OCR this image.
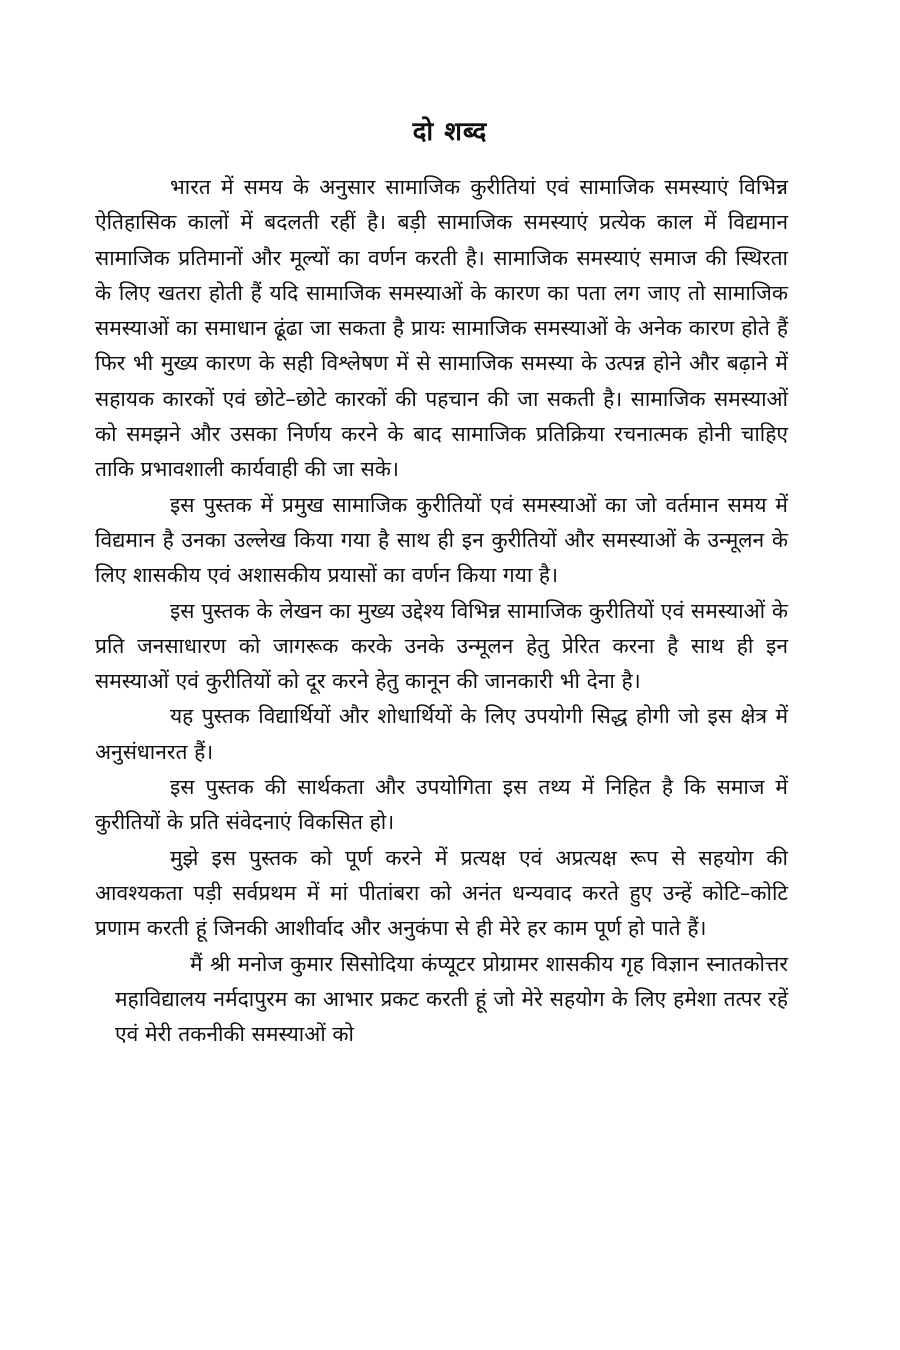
दो शब्द

भारत में समय के अनुसार सामाजिक कुरीतियां एवं सामाजिक समस्याएं विभिन्न ऐतिहासिक कालों में बदलती रहीं है। बड़ी सामाजिक समस्याएं प्रत्येक काल में विद्यमान सामाजिक प्रतिमानों और मूल्यों का वर्णन करती है। सामाजिक समस्याएं समाज की स्थिरता के लिए खतरा होती हैं यदि सामाजिक समस्याओं के कारण का पता लग जाए तो सामाजिक समस्याओं का समाधान ढूंढा जा सकता है प्रायः सामाजिक समस्याओं के अनेक कारण होते हैं फिर भी मुख्य कारण के सही विश्लेषण में से सामाजिक समस्या के उत्पन्न होने और बढ़ाने में सहायक कारकों एवं छोटे–छोटे कारकों की पहचान की जा सकती है। सामाजिक समस्याओं को समझने और उसका निर्णय करने के बाद सामाजिक प्रतिक्रिया रचनात्मक होनी चाहिए ताकि प्रभावशाली कार्यवाही की जा सके।

इस पुस्तक में प्रमुख सामाजिक कुरीतियों एवं समस्याओं का जो वर्तमान समय में विद्यमान है उनका उल्लेख किया गया है साथ ही इन कुरीतियों और समस्याओं के उन्मूलन के लिए शासकीय एवं अशासकीय प्रयासों का वर्णन किया गया है।

इस पुस्तक के लेखन का मुख्य उद्देश्य विभिन्न सामाजिक कुरीतियों एवं समस्याओं के प्रति जनसाधारण को जागरूक करके उनके उन्मूलन हेतु प्रेरित करना है साथ ही इन समस्याओं एवं कुरीतियों को दूर करने हेतु कानून की जानकारी भी देना है।

यह पुस्तक विद्यार्थियों और शोधार्थियों के लिए उपयोगी सिद्ध होगी जो इस क्षेत्र में अनुसंधानरत हैं।

इस पुस्तक की सार्थकता और उपयोगिता इस तथ्य में निहित है कि समाज में कुरीतियों के प्रति संवेदनाएं विकसित हो।

मुझे इस पुस्तक को पूर्ण करने में प्रत्यक्ष एवं अप्रत्यक्ष रूप से सहयोग की आवश्यकता पड़ी सर्वप्रथम में मां पीतांबरा को अनंत धन्यवाद करते हुए उन्हें कोटि–कोटि प्रणाम करती हूं जिनकी आशीर्वाद और अनुकंपा से ही मेरे हर काम पूर्ण हो पाते हैं।

मैं श्री मनोज कुमार सिसोदिया कंप्यूटर प्रोग्रामर शासकीय गृह विज्ञान स्नातकोत्तर महाविद्यालय नर्मदापुरम का आभार प्रकट करती हूं जो मेरे सहयोग के लिए हमेशा तत्पर रहें एवं मेरी तकनीकी समस्याओं को
